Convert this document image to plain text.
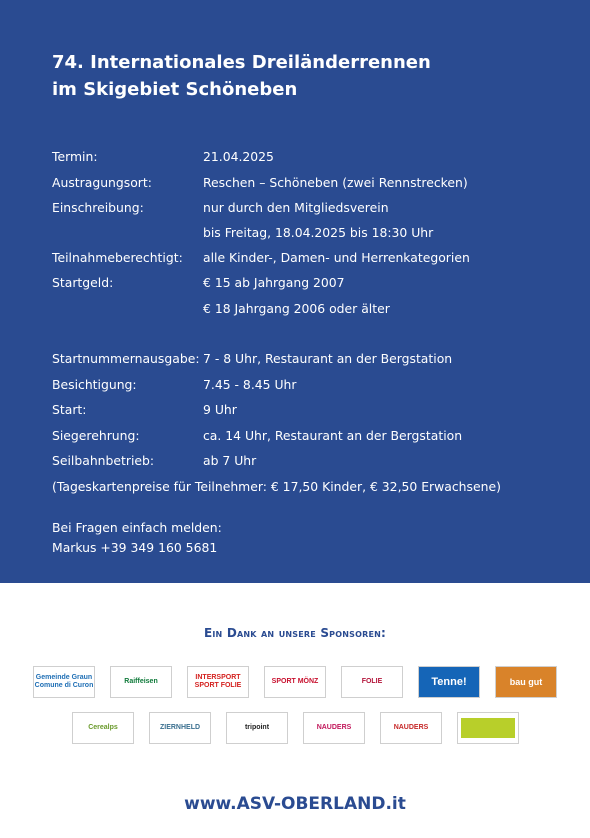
74. Internationales Dreiländerrennen
im Skigebiet Schöneben
Termin:	21.04.2025
Austragungsort:	Reschen – Schöneben (zwei Rennstrecken)
Einschreibung:	nur durch den Mitgliedsverein
bis Freitag, 18.04.2025 bis 18:30 Uhr
Teilnahmeberechtigt: alle Kinder-, Damen- und Herrenkategorien
Startgeld:	€ 15 ab Jahrgang 2007
€ 18 Jahrgang 2006 oder älter
Startnummernausgabe: 7 - 8 Uhr, Restaurant an der Bergstation
Besichtigung:	7.45 - 8.45 Uhr
Start:	9 Uhr
Siegerehrung:	ca. 14 Uhr, Restaurant an der Bergstation
Seilbahnbetrieb:	ab 7 Uhr
(Tageskartenpreise für Teilnehmer: € 17,50 Kinder, € 32,50 Erwachsene)
Bei Fragen einfach melden:
Markus +39 349 160 5681
Ein Dank an unsere Sponsoren:
Gemeinde Graun
Comune di Curon
Raiffeisen
INTERSPORT
SPORT FOLIE
SPORT MÖNZ	FOLIE	Tenne!	bau gut
Cerealps	ZIERNHELD	tripoint	NAUDERS	NAUDERS
www.ASV-OBERLAND.it
